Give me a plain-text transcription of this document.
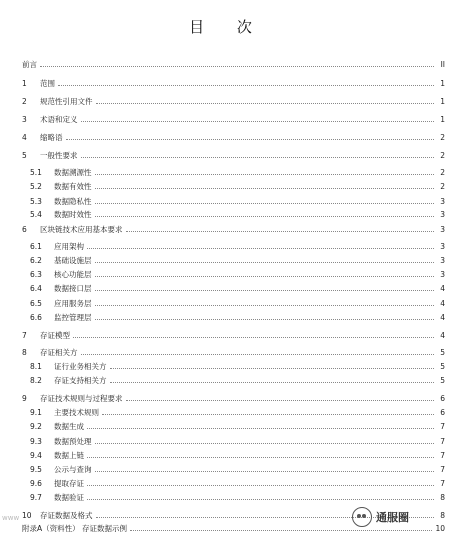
目 次
前言	II
1	范围	1
2	规范性引用文件	1
3	术语和定义	1
4	缩略语	2
5	一般性要求	2
5.1	数据溯源性	2
5.2	数据有效性	2
5.3	数据隐私性	3
5.4	数据时效性	3
6	区块链技术应用基本要求	3
6.1	应用架构	3
6.2	基础设施层	3
6.3	核心功能层	3
6.4	数据接口层	4
6.5	应用服务层	4
6.6	监控管理层	4
7	存证模型	4
8	存证相关方	5
8.1	证行业务相关方	5
8.2	存证支持相关方	5
9	存证技术规则与过程要求	6
9.1	主要技术规则	6
9.2	数据生成	7
9.3	数据预处理	7
9.4	数据上链	7
9.5	公示与查询	7
9.6	提取存证	7
9.7	数据验证	8
10	存证数据及格式	8
附录A（资料性） 存证数据示例	10
通服圈
www
